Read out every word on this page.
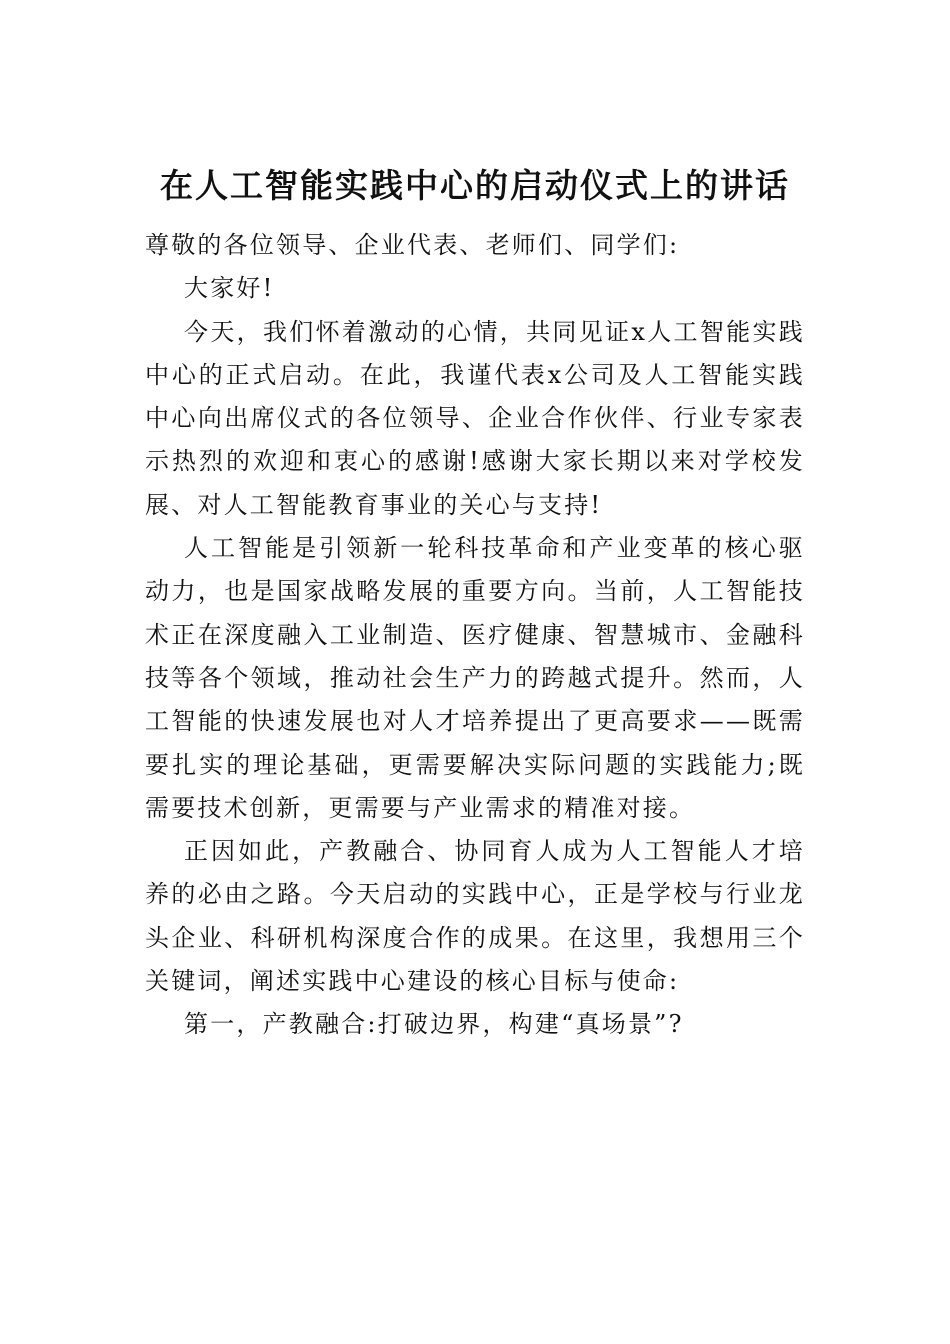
在人工智能实践中心的启动仪式上的讲话

尊敬的各位领导、企业代表、老师们、同学们:

大家好!

今天，我们怀着激动的心情，共同见证x人工智能实践中心的正式启动。在此，我谨代表x公司及人工智能实践中心向出席仪式的各位领导、企业合作伙伴、行业专家表示热烈的欢迎和衷心的感谢!感谢大家长期以来对学校发展、对人工智能教育事业的关心与支持!

人工智能是引领新一轮科技革命和产业变革的核心驱动力，也是国家战略发展的重要方向。当前，人工智能技术正在深度融入工业制造、医疗健康、智慧城市、金融科技等各个领域，推动社会生产力的跨越式提升。然而，人工智能的快速发展也对人才培养提出了更高要求——既需要扎实的理论基础，更需要解决实际问题的实践能力;既需要技术创新，更需要与产业需求的精准对接。

正因如此，产教融合、协同育人成为人工智能人才培养的必由之路。今天启动的实践中心，正是学校与行业龙头企业、科研机构深度合作的成果。在这里，我想用三个关键词，阐述实践中心建设的核心目标与使命:

第一，产教融合:打破边界，构建“真场景”?
